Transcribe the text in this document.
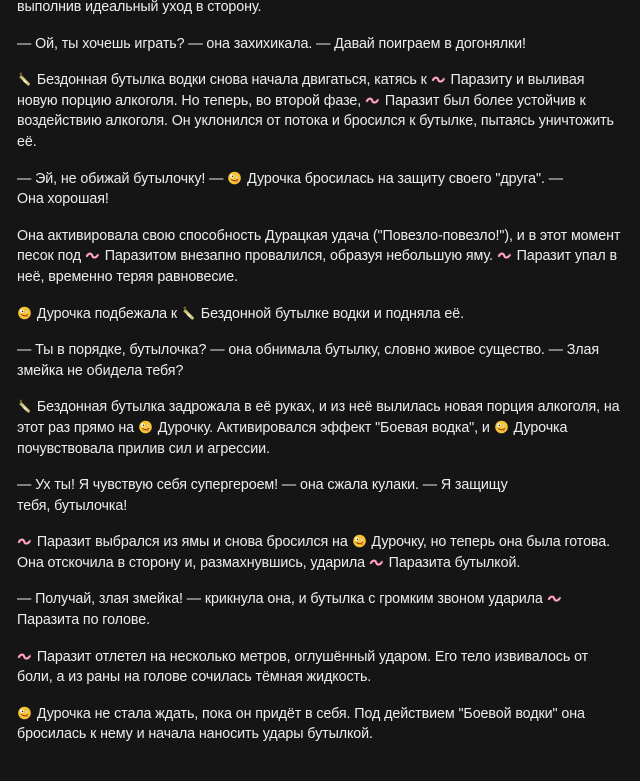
выполнив идеальный уход в сторону.

— Ой, ты хочешь играть? — она захихикала. — Давай поиграем в догонялки!

Бездонная бутылка водки снова начала двигаться, катясь к
Паразиту и выливая новую порцию алкоголя. Но теперь, во второй фазе,
Паразит был более устойчив к воздействию алкоголя. Он уклонился от потока и бросился к бутылке, пытаясь уничтожить её.

— Эй, не обижай бутылочку! —
Дурочка бросилась на защиту своего "друга". — Она хорошая!

Она активировала свою способность Дурацкая удача ("Повезло-повезло!"), и в этот момент песок под
Паразитом внезапно провалился, образуя небольшую яму.
Паразит упал в неё, временно теряя равновесие.

Дурочка подбежала к
Бездонной бутылке водки и подняла её.

— Ты в порядке, бутылочка? — она обнимала бутылку, словно живое существо. — Злая змейка не обидела тебя?

Бездонная бутылка задрожала в её руках, и из неё вылилась новая порция алкоголя, на этот раз прямо на
Дурочку. Активировался эффект "Боевая водка", и
Дурочка почувствовала прилив сил и агрессии.

— Ух ты! Я чувствую себя супергероем! — она сжала кулаки. — Я защищу тебя, бутылочка!

Паразит выбрался из ямы и снова бросился на
Дурочку, но теперь она была готова. Она отскочила в сторону и, размахнувшись, ударила
Паразита бутылкой.

— Получай, злая змейка! — крикнула она, и бутылка с громким звоном ударила
Паразита по голове.

Паразит отлетел на несколько метров, оглушённый ударом. Его тело извивалось от боли, а из раны на голове сочилась тёмная жидкость.

Дурочка не стала ждать, пока он придёт в себя. Под действием "Боевой водки" она бросилась к нему и начала наносить удары бутылкой.
